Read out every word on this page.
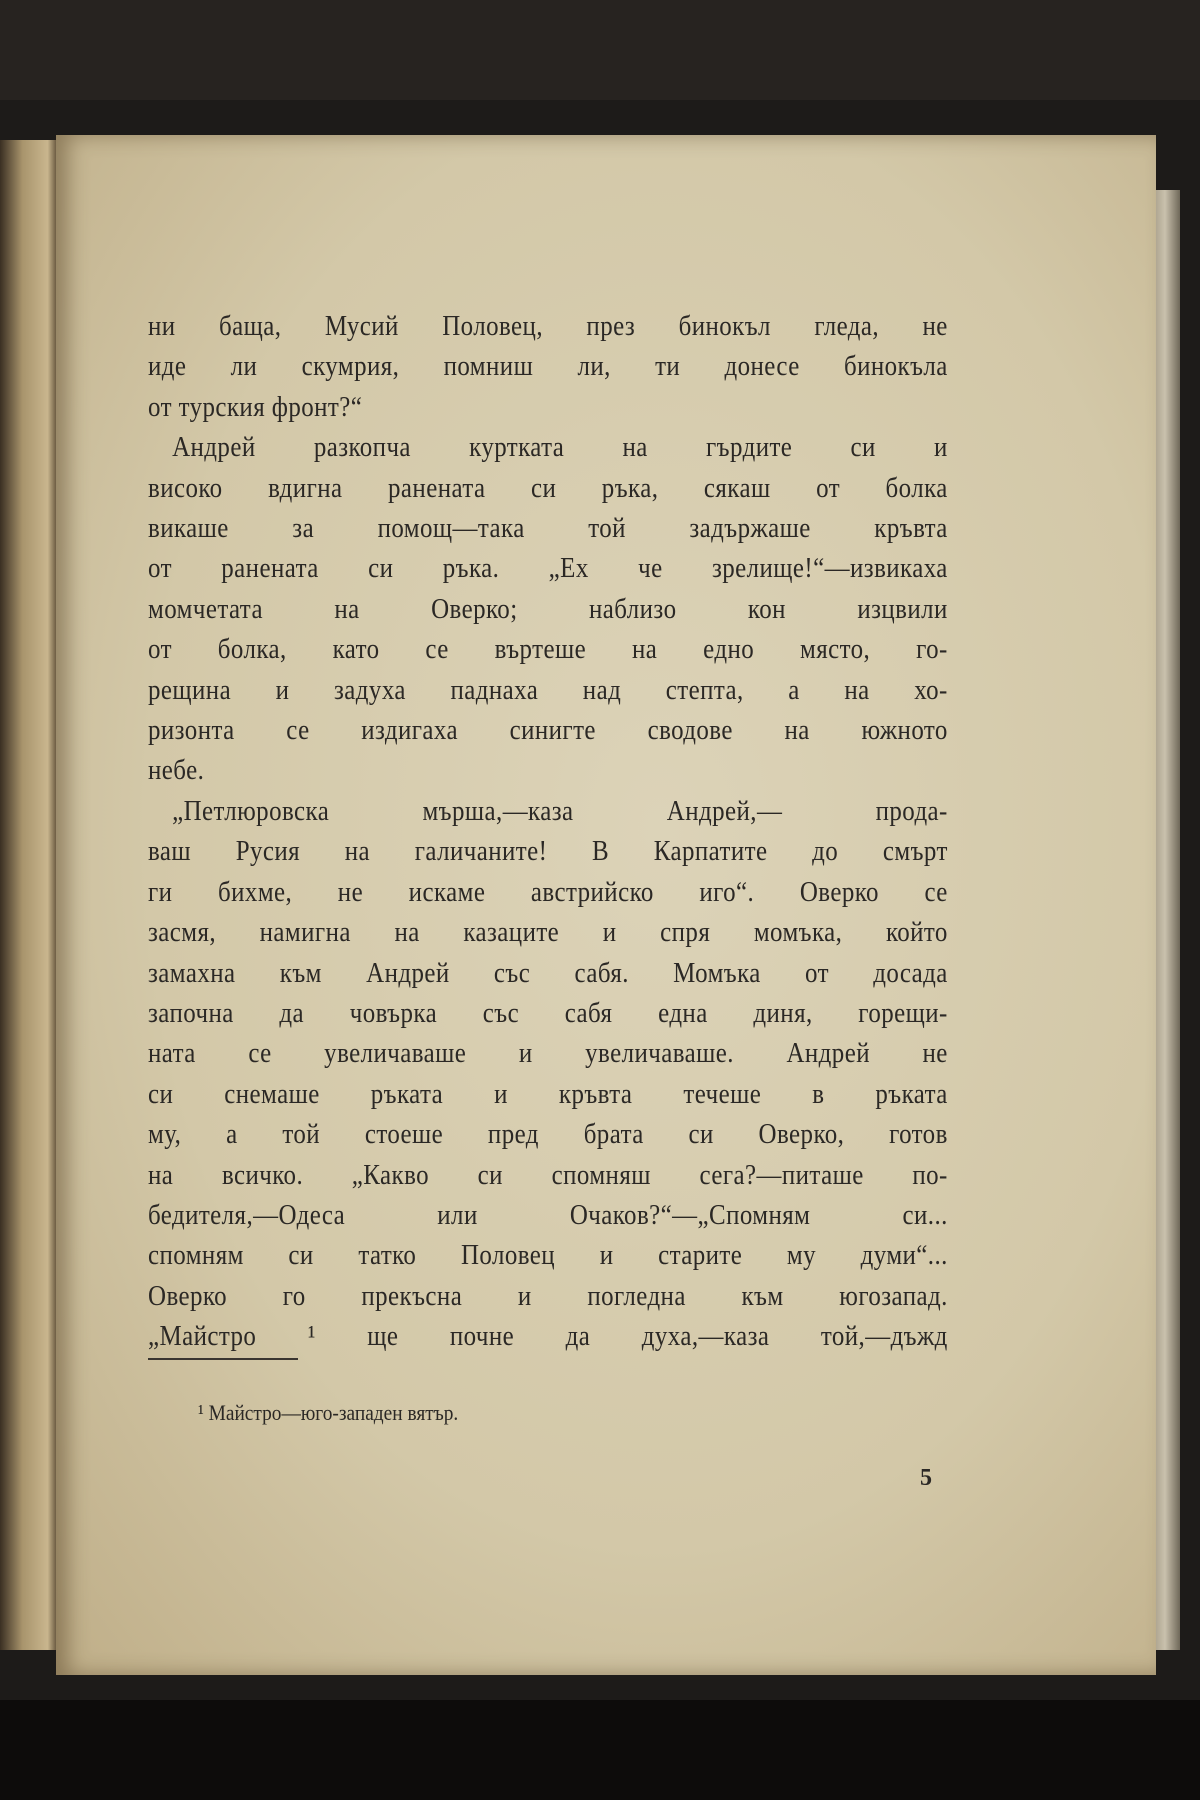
ни баща, Мусий Половец, през бинокъл гледа, не
иде ли скумрия, помниш ли, ти донесе бинокъла
от турския фронт?“
Андрей разкопча куртката на гърдите си и
високо вдигна ранената си ръка, сякаш от болка
викаше за помощ—така той задържаше кръвта
от ранената си ръка. „Ех че зрелище!“—извикаха
момчетата на Оверко; наблизо кон изцвили
от болка, като се въртеше на едно място, го-
рещина и задуха паднаха над степта, а на хо-
ризонта се издигаха синигте сводове на южното
небе.
„Петлюровска мърша,—каза Андрей,— прода-
ваш Русия на галичаните! В Карпатите до смърт
ги бихме, не искаме австрийско иго“. Оверко се
засмя, намигна на казаците и спря момъка, който
замахна към Андрей със сабя. Момъка от досада
започна да човърка със сабя една диня, горещи-
ната се увеличаваше и увеличаваше. Андрей не
си снемаше ръката и кръвта течеше в ръката
му, а той стоеше пред брата си Оверко, готов
на всичко. „Какво си спомняш сега?—питаше по-
бедителя,—Одеса или Очаков?“—„Спомням си...
спомням си татко Половец и старите му думи“...
Оверко го прекъсна и погледна към югозапад.
„Майстро ¹ ще почне да духа,—каза той,—дъжд
¹ Майстро—юго-западен вятър.
5
